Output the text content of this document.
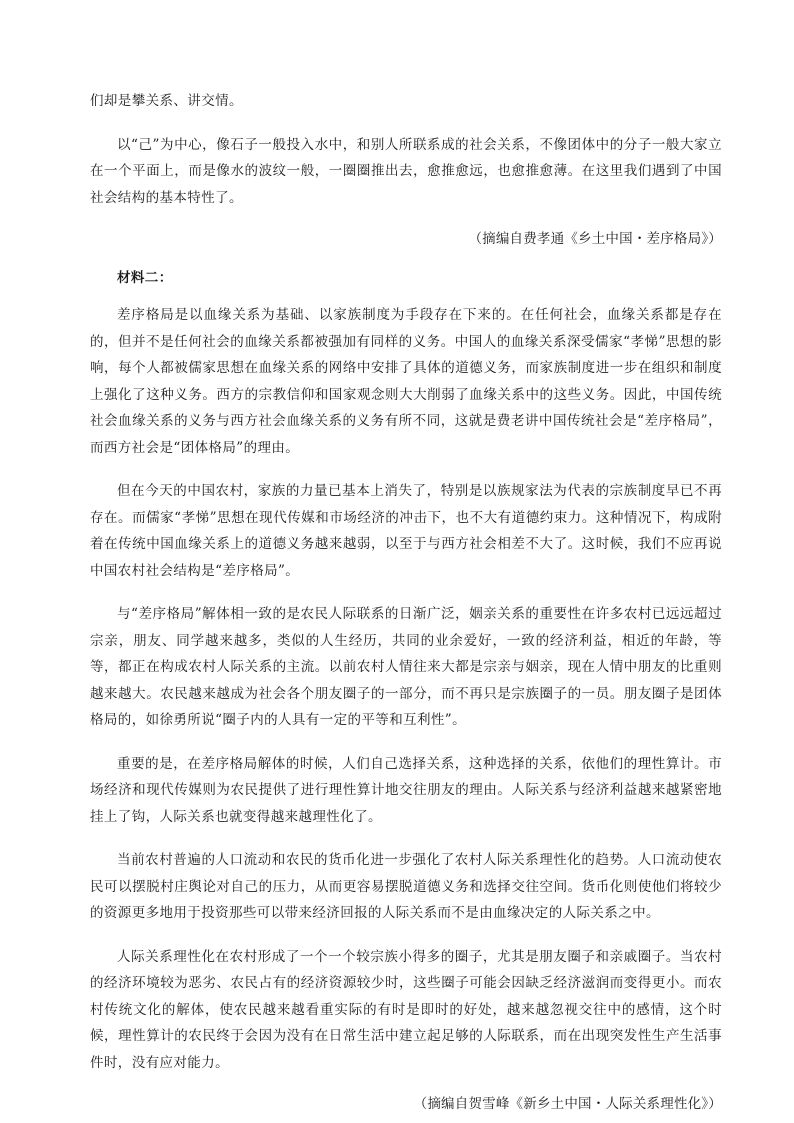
们却是攀关系、讲交情。

以“己”为中心，像石子一般投入水中，和别人所联系成的社会关系，不像团体中的分子一般大家立在一个平面上，而是像水的波纹一般，一圈圈推出去，愈推愈远，也愈推愈薄。在这里我们遇到了中国社会结构的基本特性了。

（摘编自费孝通《乡土中国・差序格局》）

材料二：

差序格局是以血缘关系为基础、以家族制度为手段存在下来的。在任何社会，血缘关系都是存在的，但并不是任何社会的血缘关系都被强加有同样的义务。中国人的血缘关系深受儒家“孝悌”思想的影响，每个人都被儒家思想在血缘关系的网络中安排了具体的道德义务，而家族制度进一步在组织和制度上强化了这种义务。西方的宗教信仰和国家观念则大大削弱了血缘关系中的这些义务。因此，中国传统社会血缘关系的义务与西方社会血缘关系的义务有所不同，这就是费老讲中国传统社会是“差序格局”，而西方社会是“团体格局”的理由。

但在今天的中国农村，家族的力量已基本上消失了，特别是以族规家法为代表的宗族制度早已不再存在。而儒家“孝悌”思想在现代传媒和市场经济的冲击下，也不大有道德约束力。这种情况下，构成附着在传统中国血缘关系上的道德义务越来越弱，以至于与西方社会相差不大了。这时候，我们不应再说中国农村社会结构是“差序格局”。

与“差序格局”解体相一致的是农民人际联系的日渐广泛，姻亲关系的重要性在许多农村已远远超过宗亲，朋友、同学越来越多，类似的人生经历，共同的业余爱好，一致的经济利益，相近的年龄，等等，都正在构成农村人际关系的主流。以前农村人情往来大都是宗亲与姻亲，现在人情中朋友的比重则越来越大。农民越来越成为社会各个朋友圈子的一部分，而不再只是宗族圈子的一员。朋友圈子是团体格局的，如徐勇所说“圈子内的人具有一定的平等和互利性”。

重要的是，在差序格局解体的时候，人们自己选择关系，这种选择的关系，依他们的理性算计。市场经济和现代传媒则为农民提供了进行理性算计地交往朋友的理由。人际关系与经济利益越来越紧密地挂上了钩，人际关系也就变得越来越理性化了。

当前农村普遍的人口流动和农民的货币化进一步强化了农村人际关系理性化的趋势。人口流动使农民可以摆脱村庄舆论对自己的压力，从而更容易摆脱道德义务和选择交往空间。货币化则使他们将较少的资源更多地用于投资那些可以带来经济回报的人际关系而不是由血缘决定的人际关系之中。

人际关系理性化在农村形成了一个一个较宗族小得多的圈子，尤其是朋友圈子和亲戚圈子。当农村的经济环境较为恶劣、农民占有的经济资源较少时，这些圈子可能会因缺乏经济滋润而变得更小。而农村传统文化的解体，使农民越来越看重实际的有时是即时的好处，越来越忽视交往中的感情，这个时候，理性算计的农民终于会因为没有在日常生活中建立起足够的人际联系，而在出现突发性生产生活事件时，没有应对能力。

（摘编自贺雪峰《新乡土中国・人际关系理性化》）
